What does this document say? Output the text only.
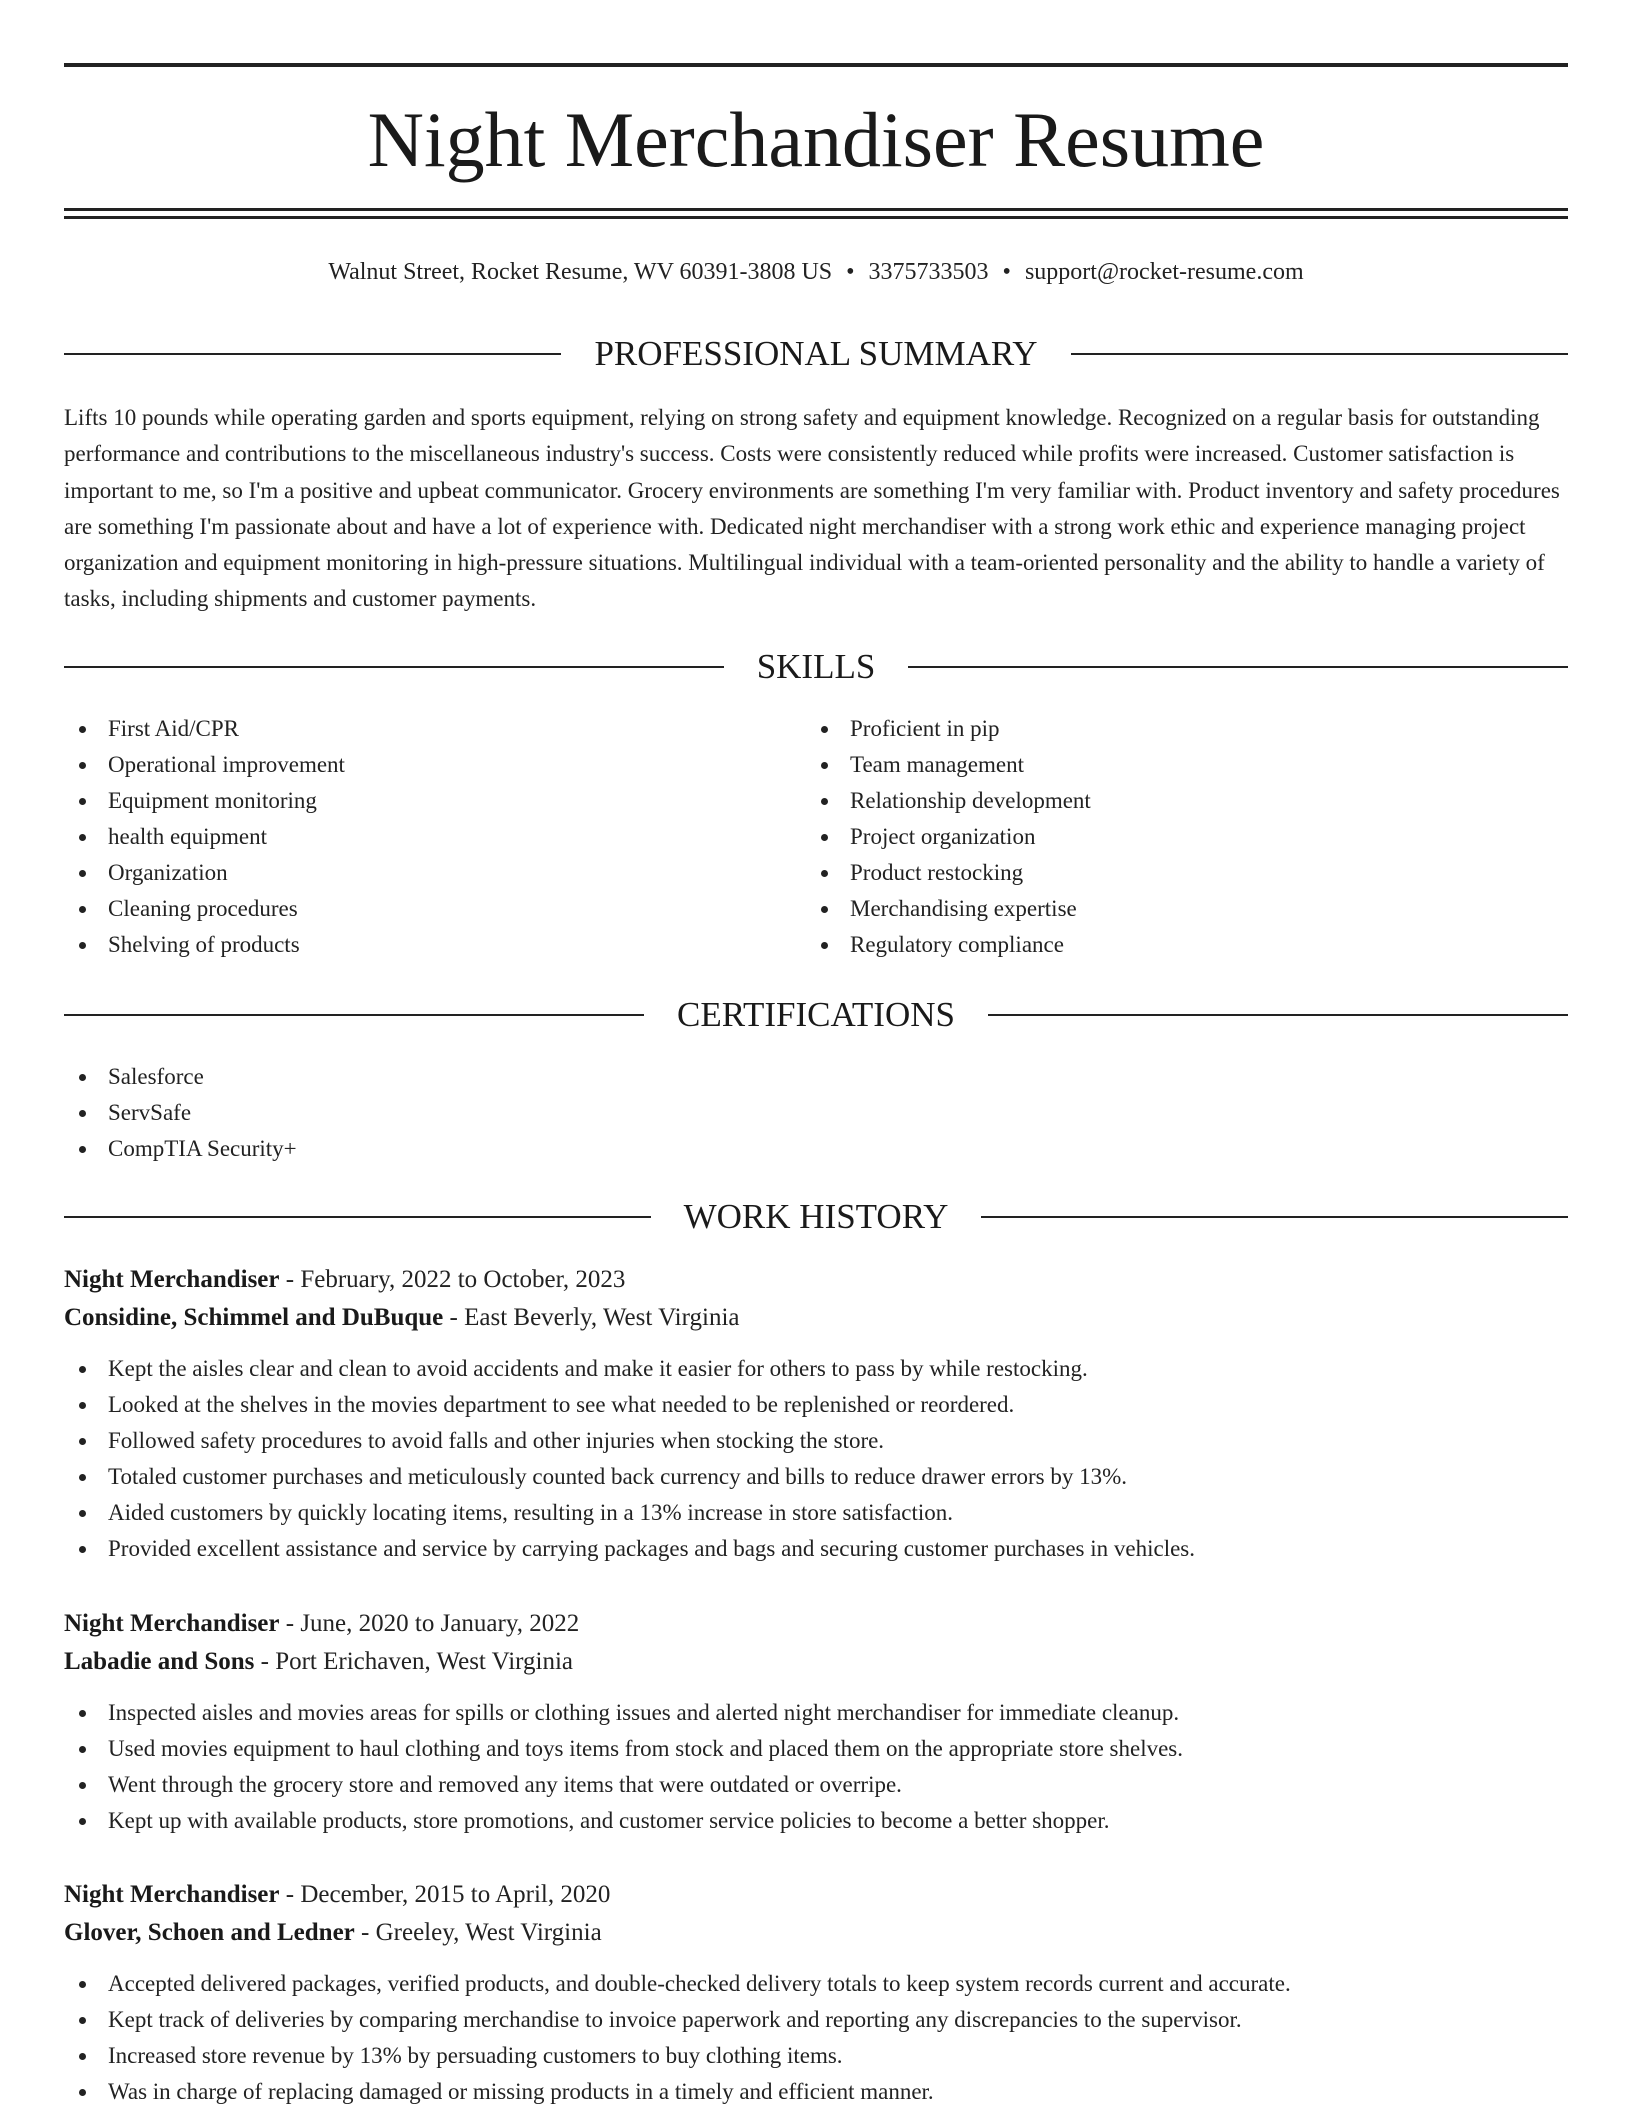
Night Merchandiser Resume
Walnut Street, Rocket Resume, WV 60391-3808 US • 3375733503 • support@rocket-resume.com
PROFESSIONAL SUMMARY

Lifts 10 pounds while operating garden and sports equipment, relying on strong safety and equipment knowledge. Recognized on a regular basis for outstanding performance and contributions to the miscellaneous industry's success. Costs were consistently reduced while profits were increased. Customer satisfaction is important to me, so I'm a positive and upbeat communicator. Grocery environments are something I'm very familiar with. Product inventory and safety procedures are something I'm passionate about and have a lot of experience with. Dedicated night merchandiser with a strong work ethic and experience managing project organization and equipment monitoring in high-pressure situations. Multilingual individual with a team-oriented personality and the ability to handle a variety of tasks, including shipments and customer payments.

SKILLS
First Aid/CPR
Operational improvement
Equipment monitoring
health equipment
Organization
Cleaning procedures
Shelving of products
Proficient in pip
Team management
Relationship development
Project organization
Product restocking
Merchandising expertise
Regulatory compliance
CERTIFICATIONS
Salesforce
ServSafe
CompTIA Security+
WORK HISTORY
Night Merchandiser - February, 2022 to October, 2023
Considine, Schimmel and DuBuque - East Beverly, West Virginia
Kept the aisles clear and clean to avoid accidents and make it easier for others to pass by while restocking.
Looked at the shelves in the movies department to see what needed to be replenished or reordered.
Followed safety procedures to avoid falls and other injuries when stocking the store.
Totaled customer purchases and meticulously counted back currency and bills to reduce drawer errors by 13%.
Aided customers by quickly locating items, resulting in a 13% increase in store satisfaction.
Provided excellent assistance and service by carrying packages and bags and securing customer purchases in vehicles.
Night Merchandiser - June, 2020 to January, 2022
Labadie and Sons - Port Erichaven, West Virginia
Inspected aisles and movies areas for spills or clothing issues and alerted night merchandiser for immediate cleanup.
Used movies equipment to haul clothing and toys items from stock and placed them on the appropriate store shelves.
Went through the grocery store and removed any items that were outdated or overripe.
Kept up with available products, store promotions, and customer service policies to become a better shopper.
Night Merchandiser - December, 2015 to April, 2020
Glover, Schoen and Ledner - Greeley, West Virginia
Accepted delivered packages, verified products, and double-checked delivery totals to keep system records current and accurate.
Kept track of deliveries by comparing merchandise to invoice paperwork and reporting any discrepancies to the supervisor.
Increased store revenue by 13% by persuading customers to buy clothing items.
Was in charge of replacing damaged or missing products in a timely and efficient manner.
